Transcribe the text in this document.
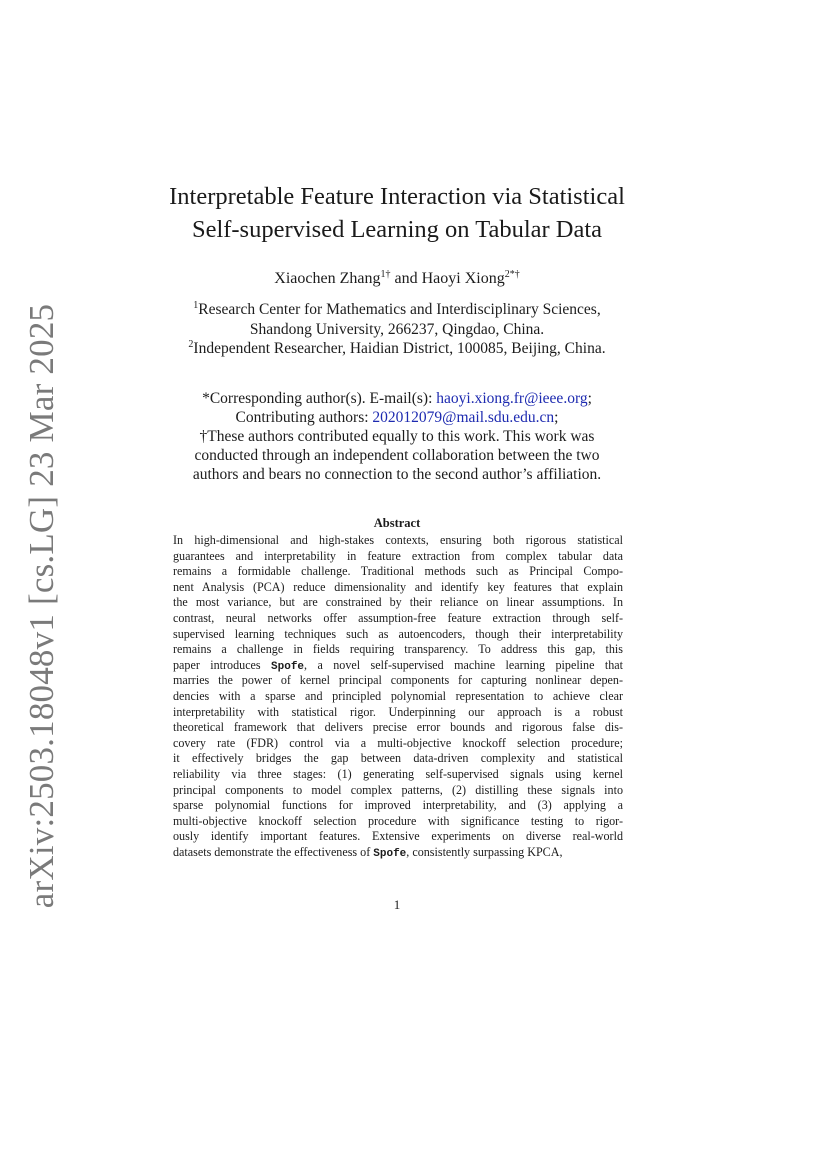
arXiv:2503.18048v1 [cs.LG] 23 Mar 2025
Interpretable Feature Interaction via Statistical
Self-supervised Learning on Tabular Data
Xiaochen Zhang$^{1\dagger}$ and Haoyi Xiong$^{2*\dagger}$
$^1$Research Center for Mathematics and Interdisciplinary Sciences,
Shandong University, 266237, Qingdao, China.
$^2$Independent Researcher, Haidian District, 100085, Beijing, China.
*Corresponding author(s). E-mail(s): haoyi.xiong.fr@ieee.org;
Contributing authors: 202012079@mail.sdu.edu.cn;
†These authors contributed equally to this work. This work was
conducted through an independent collaboration between the two
authors and bears no connection to the second author’s affiliation.
Abstract
In high-dimensional and high-stakes contexts, ensuring both rigorous statistical
guarantees and interpretability in feature extraction from complex tabular data
remains a formidable challenge. Traditional methods such as Principal Compo-
nent Analysis (PCA) reduce dimensionality and identify key features that explain
the most variance, but are constrained by their reliance on linear assumptions. In
contrast, neural networks offer assumption-free feature extraction through self-
supervised learning techniques such as autoencoders, though their interpretability
remains a challenge in fields requiring transparency. To address this gap, this
paper introduces Spofe, a novel self-supervised machine learning pipeline that
marries the power of kernel principal components for capturing nonlinear depen-
dencies with a sparse and principled polynomial representation to achieve clear
interpretability with statistical rigor. Underpinning our approach is a robust
theoretical framework that delivers precise error bounds and rigorous false dis-
covery rate (FDR) control via a multi-objective knockoff selection procedure;
it effectively bridges the gap between data-driven complexity and statistical
reliability via three stages: (1) generating self-supervised signals using kernel
principal components to model complex patterns, (2) distilling these signals into
sparse polynomial functions for improved interpretability, and (3) applying a
multi-objective knockoff selection procedure with significance testing to rigor-
ously identify important features. Extensive experiments on diverse real-world
datasets demonstrate the effectiveness of Spofe, consistently surpassing KPCA,
1
